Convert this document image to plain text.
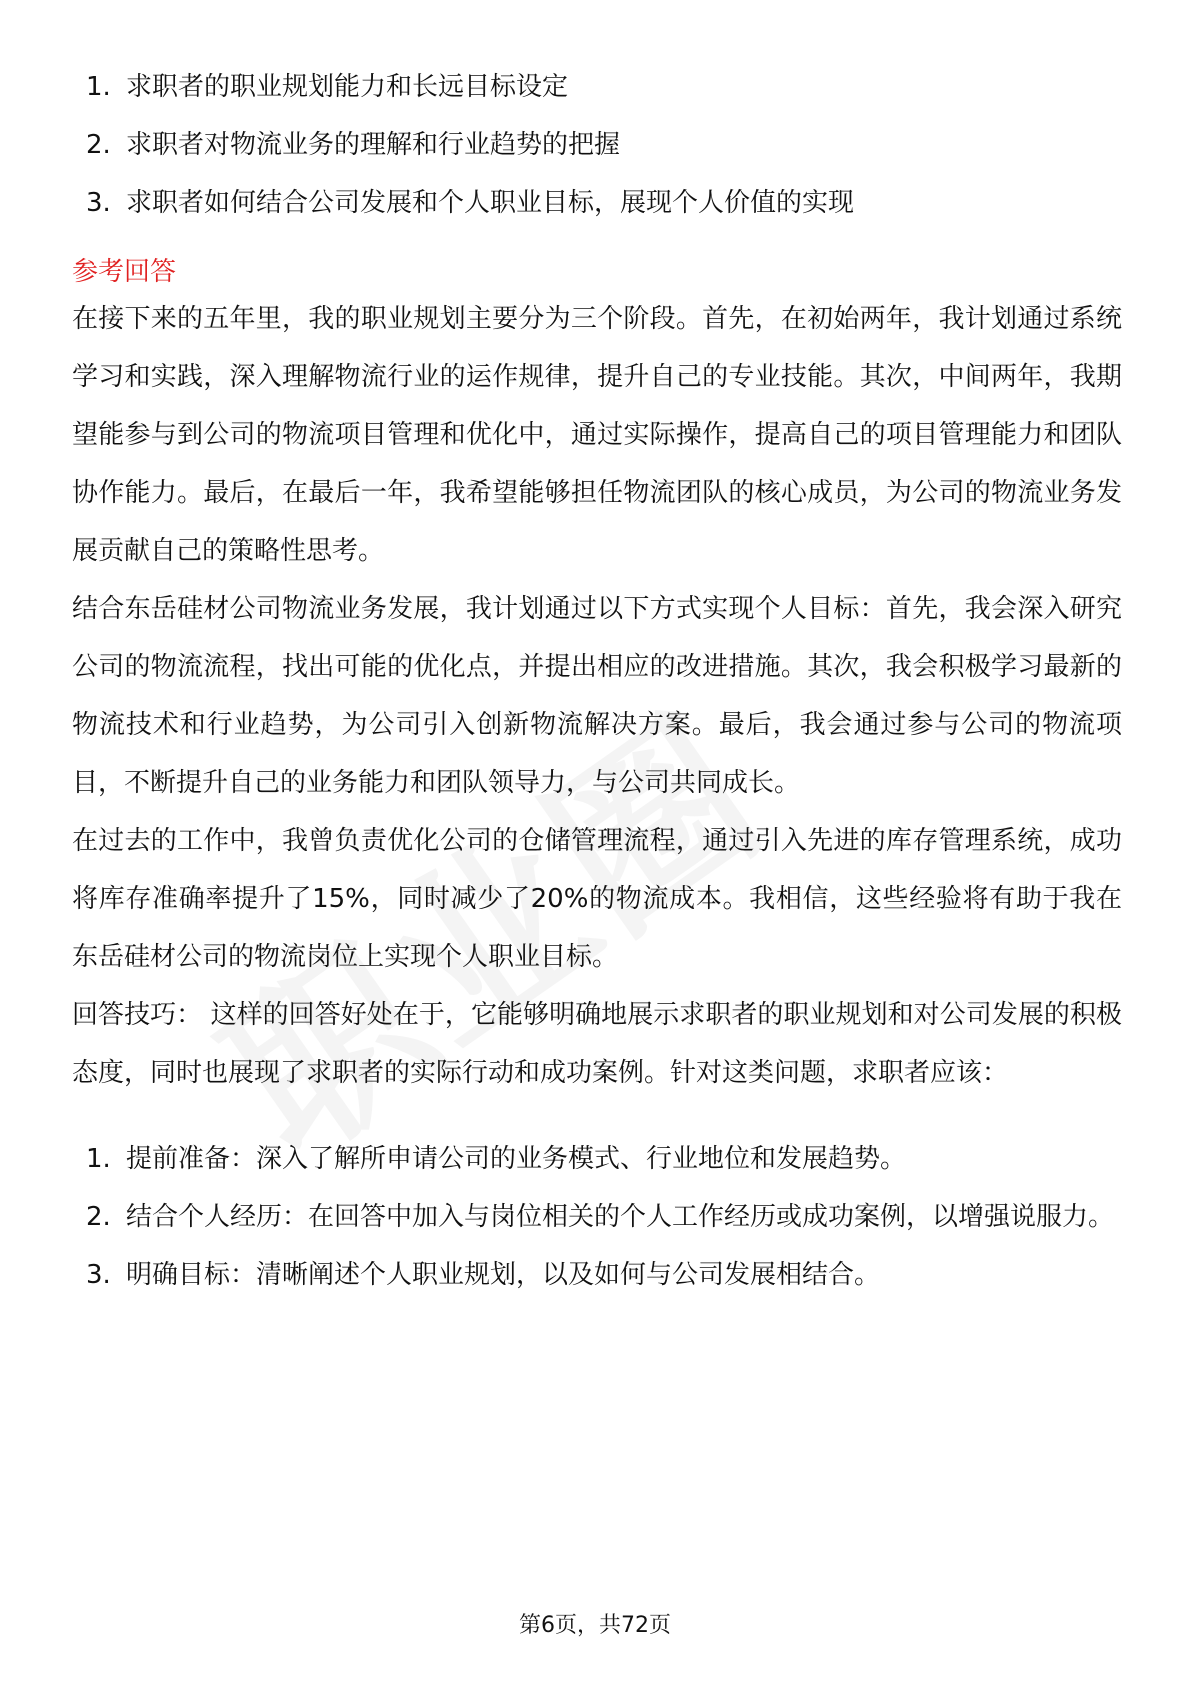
1. 求职者的职业规划能力和长远目标设定
2. 求职者对物流业务的理解和行业趋势的把握
3. 求职者如何结合公司发展和个人职业目标，展现个人价值的实现
参考回答

在接下来的五年里，我的职业规划主要分为三个阶段。首先，在初始两年，我计划通过系统学习和实践，深入理解物流行业的运作规律，提升自己的专业技能。其次，中间两年，我期望能参与到公司的物流项目管理和优化中，通过实际操作，提高自己的项目管理能力和团队协作能力。最后，在最后一年，我希望能够担任物流团队的核心成员，为公司的物流业务发展贡献自己的策略性思考。

结合东岳硅材公司物流业务发展，我计划通过以下方式实现个人目标：首先，我会深入研究公司的物流流程，找出可能的优化点，并提出相应的改进措施。其次，我会积极学习最新的物流技术和行业趋势，为公司引入创新物流解决方案。最后，我会通过参与公司的物流项目，不断提升自己的业务能力和团队领导力，与公司共同成长。

在过去的工作中，我曾负责优化公司的仓储管理流程，通过引入先进的库存管理系统，成功将库存准确率提升了15%，同时减少了20%的物流成本。我相信，这些经验将有助于我在东岳硅材公司的物流岗位上实现个人职业目标。

回答技巧： 这样的回答好处在于，它能够明确地展示求职者的职业规划和对公司发展的积极态度，同时也展现了求职者的实际行动和成功案例。针对这类问题，求职者应该：

1. 提前准备：深入了解所申请公司的业务模式、行业地位和发展趋势。
2. 结合个人经历：在回答中加入与岗位相关的个人工作经历或成功案例，以增强说服力。
3. 明确目标：清晰阐述个人职业规划，以及如何与公司发展相结合。
第6页，共72页
